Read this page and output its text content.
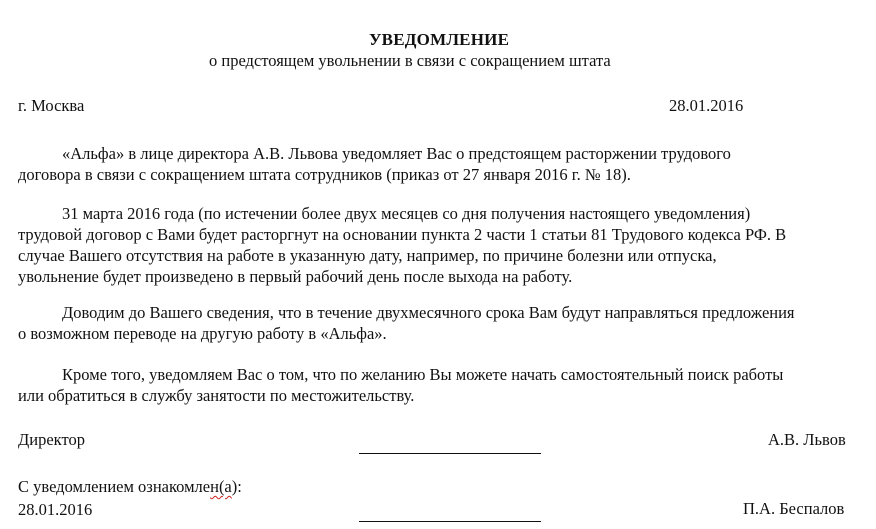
УВЕДОМЛЕНИЕ
о предстоящем увольнении в связи с сокращением штата
г. Москва	28.01.2016
«Альфа» в лице директора А.В. Львова уведомляет Вас о предстоящем расторжении трудового
договора в связи с сокращением штата сотрудников (приказ от 27 января 2016 г. № 18).
31 марта 2016 года (по истечении более двух месяцев со дня получения настоящего уведомления)
трудовой договор с Вами будет расторгнут на основании пункта 2 части 1 статьи 81 Трудового кодекса РФ. В
случае Вашего отсутствия на работе в указанную дату, например, по причине болезни или отпуска,
увольнение будет произведено в первый рабочий день после выхода на работу.
Доводим до Вашего сведения, что в течение двухмесячного срока Вам будут направляться предложения
о возможном переводе на другую работу в «Альфа».
Кроме того, уведомляем Вас о том, что по желанию Вы можете начать самостоятельный поиск работы
или обратиться в службу занятости по местожительству.
Директор	А.В. Львов
С уведомлением ознакомлен(а):
28.01.2016	П.А. Беспалов
